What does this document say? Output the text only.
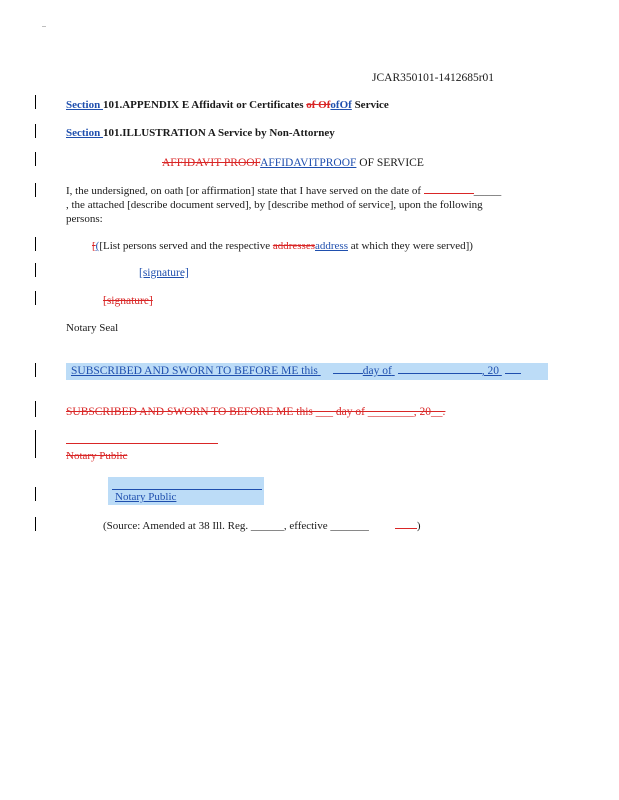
..
JCAR350101-1412685r01
Section 101.APPENDIX E Affidavit or Certificates of OfofOf Service
Section 101.ILLUSTRATION A Service by Non-Attorney
AFFIDAVIT PROOFAFFIDAVITPROOF OF SERVICE
I, the undersigned, on oath [or affirmation] state that I have served on the date of	_____
, the attached [describe document served], by [describe method of service], upon the following
persons:
[([List persons served and the respective addressesaddress at which they were served])
[signature]
[signature]
Notary Seal
SUBSCRIBED AND SWORN TO BEFORE ME this	day of	, 20
SUBSCRIBED AND SWORN TO BEFORE ME this ___ day of ________, 20__.
Notary Public
Notary Public
(Source: Amended at 38 Ill. Reg. ______, effective _______	)
